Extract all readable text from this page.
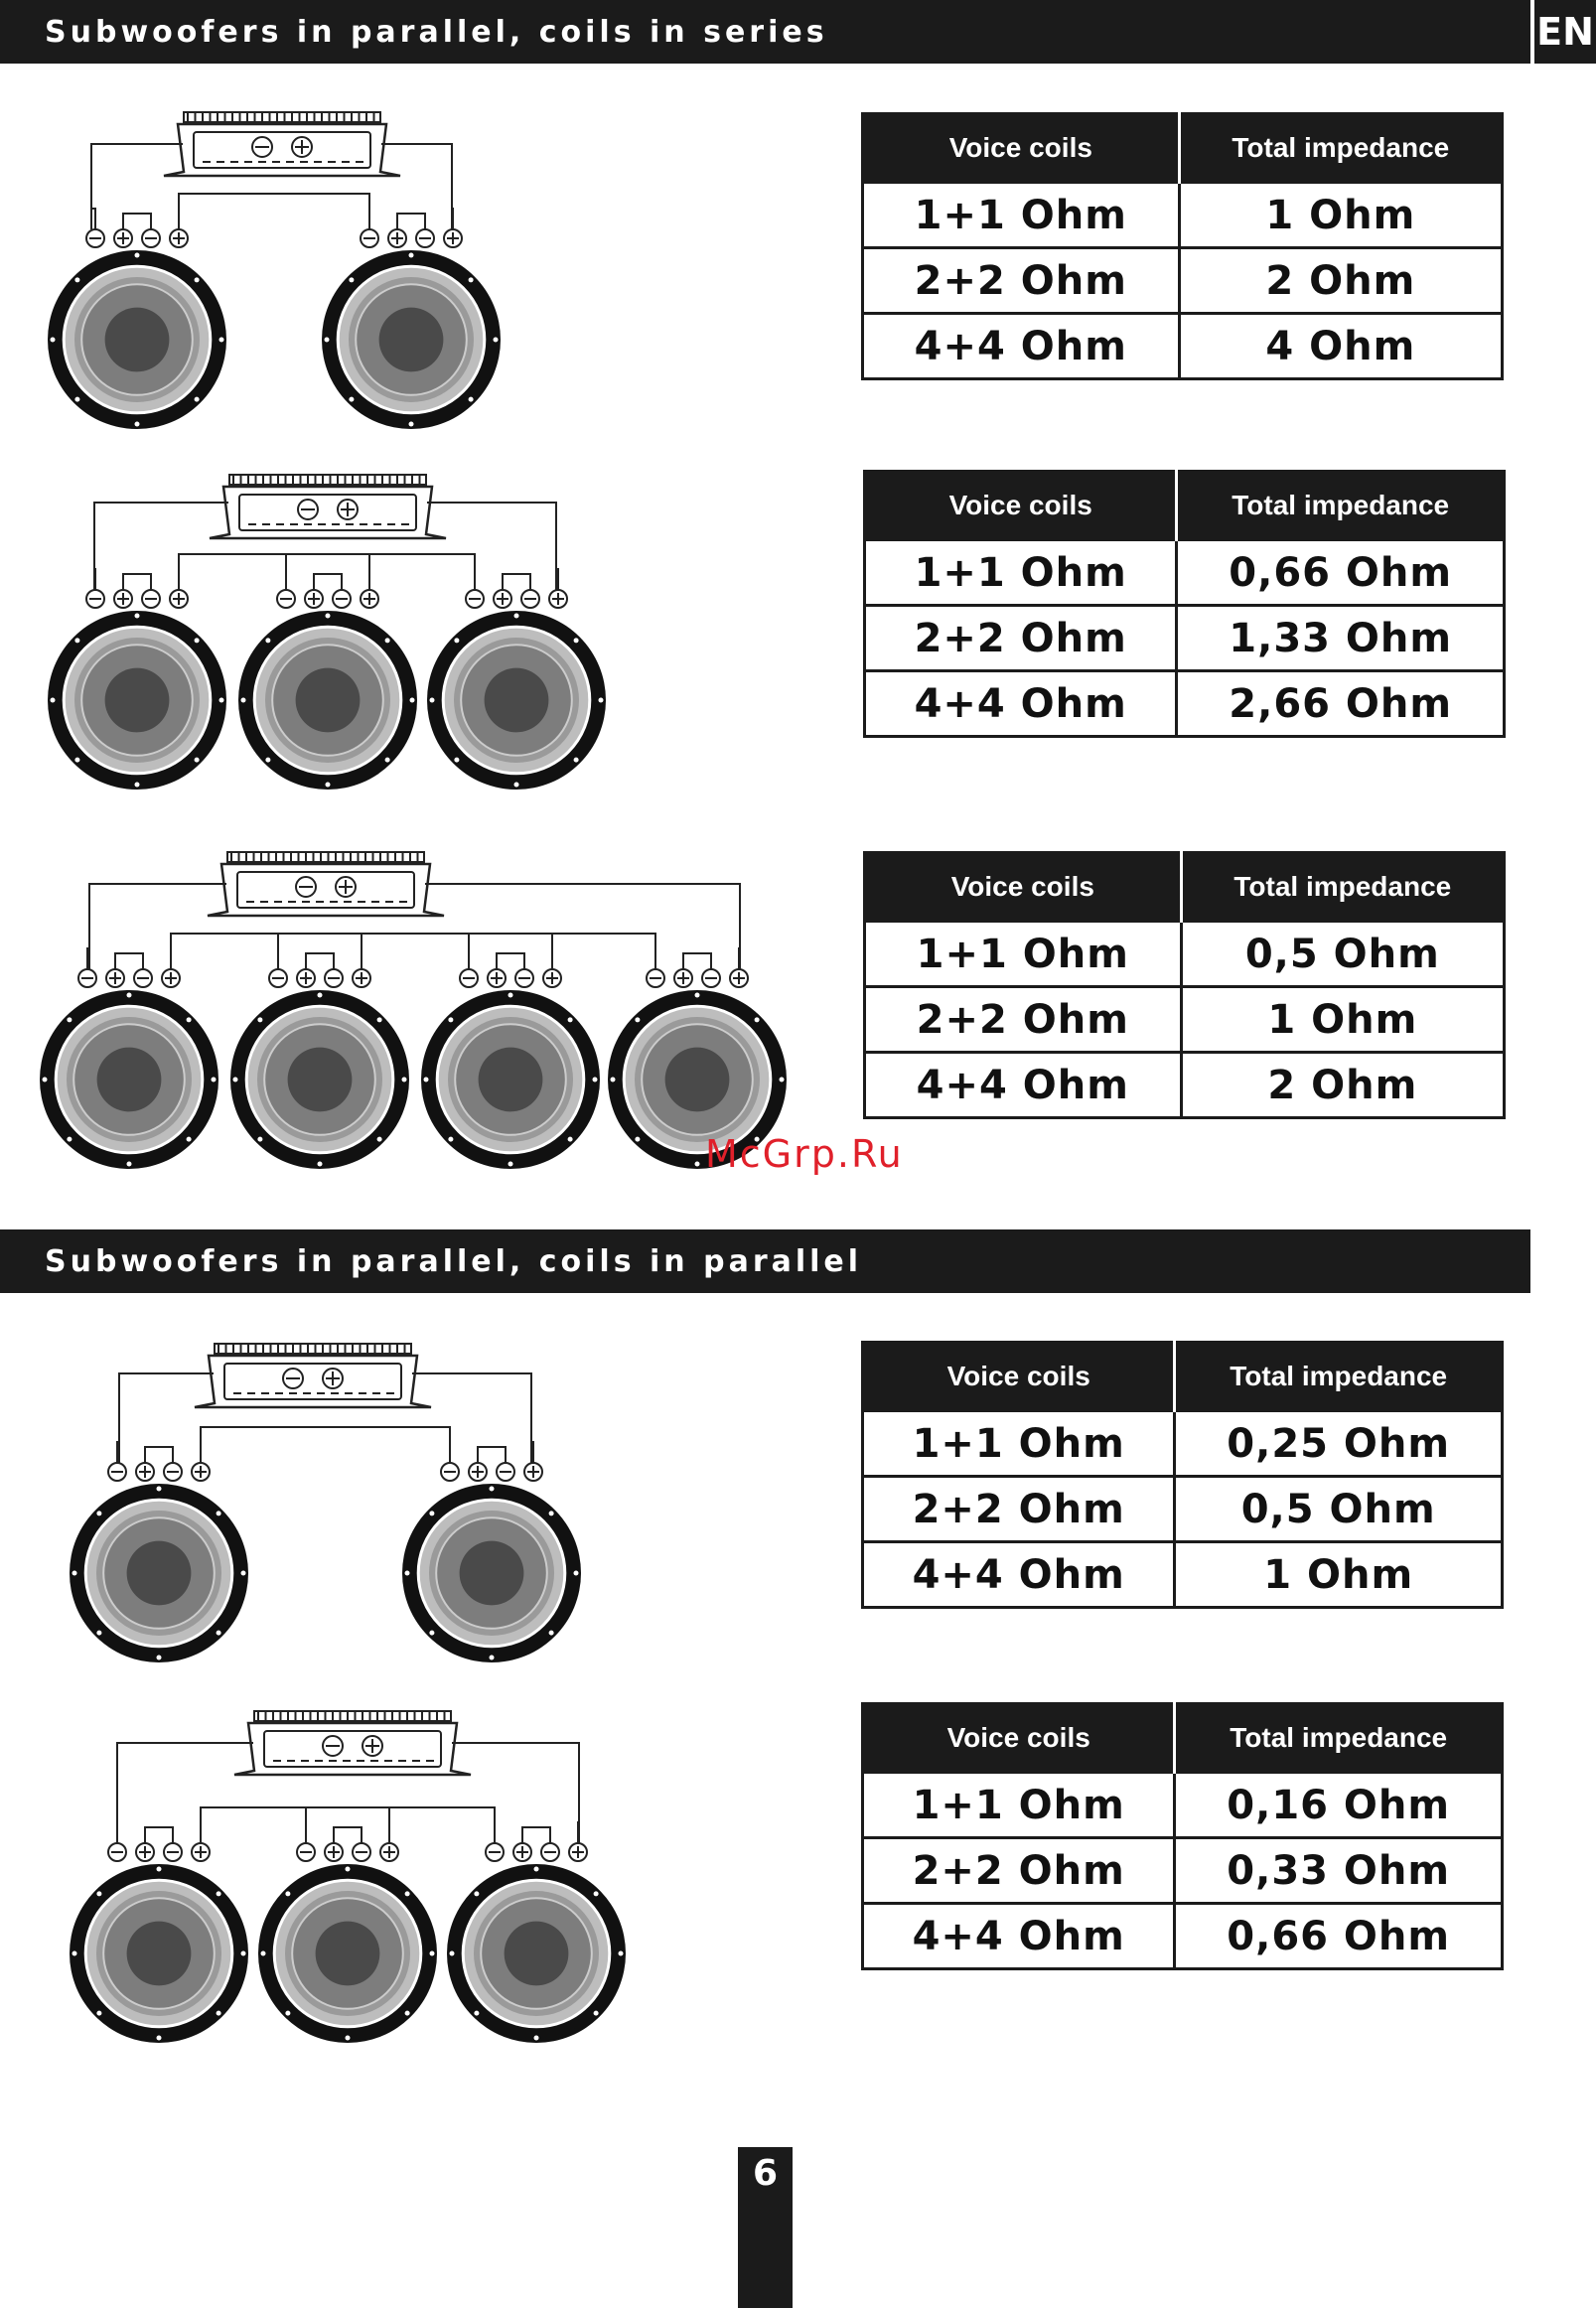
Subwoofers in parallel, coils in series	EN
Subwoofers in parallel, coils in parallel
Voice coils	Total impedance
1+1 Ohm	1 Ohm
2+2 Ohm	2 Ohm
4+4 Ohm	4 Ohm
Voice coils	Total impedance
1+1 Ohm	0,66 Ohm
2+2 Ohm	1,33 Ohm
4+4 Ohm	2,66 Ohm
Voice coils	Total impedance
1+1 Ohm	0,5 Ohm
2+2 Ohm	1 Ohm
4+4 Ohm	2 Ohm
Voice coils	Total impedance
1+1 Ohm	0,25 Ohm
2+2 Ohm	0,5 Ohm
4+4 Ohm	1 Ohm
Voice coils	Total impedance
1+1 Ohm	0,16 Ohm
2+2 Ohm	0,33 Ohm
4+4 Ohm	0,66 Ohm
McGrp.Ru
6
